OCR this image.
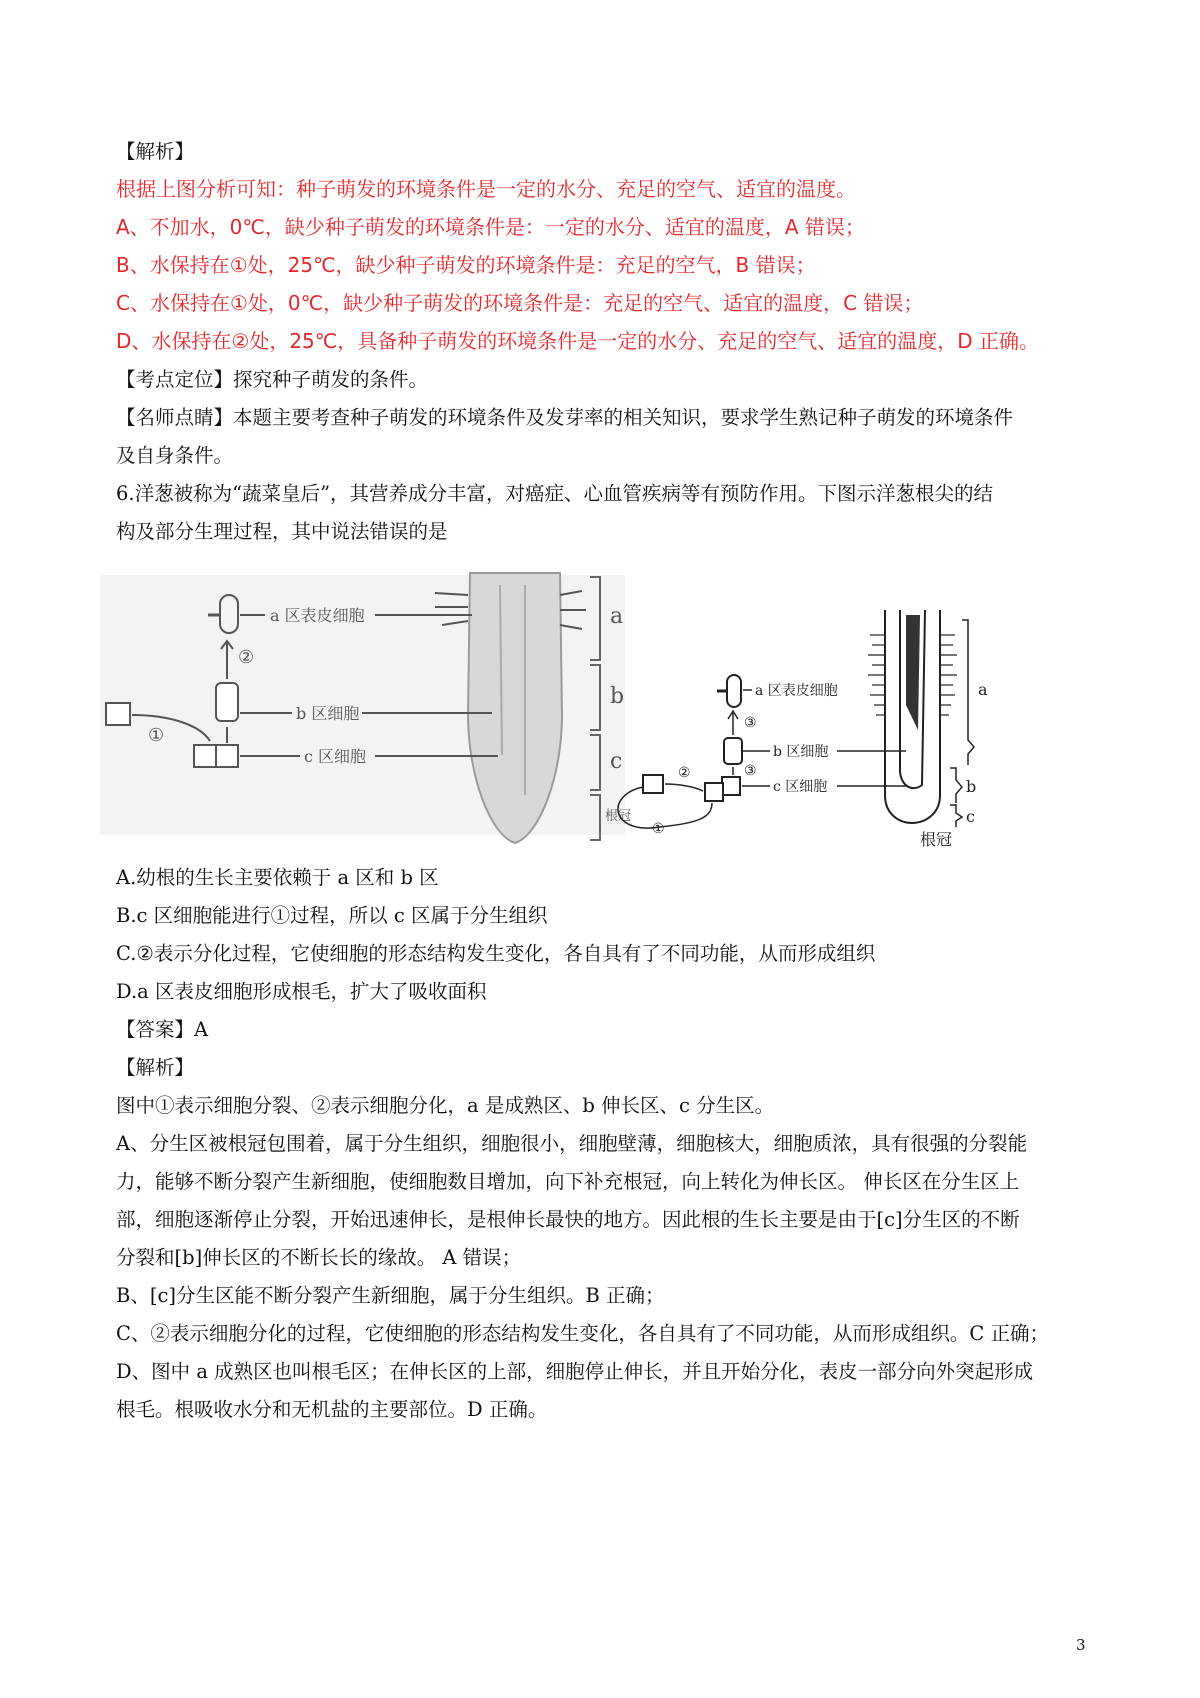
【解析】
根据上图分析可知：种子萌发的环境条件是一定的水分、充足的空气、适宜的温度。
A、不加水，0℃，缺少种子萌发的环境条件是：一定的水分、适宜的温度，A 错误；
B、水保持在①处，25℃，缺少种子萌发的环境条件是：充足的空气，B 错误；
C、水保持在①处，0℃，缺少种子萌发的环境条件是：充足的空气、适宜的温度，C 错误；
D、水保持在②处，25℃，具备种子萌发的环境条件是一定的水分、充足的空气、适宜的温度，D 正确。
【考点定位】探究种子萌发的条件。
【名师点睛】本题主要考查种子萌发的环境条件及发芽率的相关知识，要求学生熟记种子萌发的环境条件
及自身条件。
6.洋葱被称为“蔬菜皇后”，其营养成分丰富，对癌症、心血管疾病等有预防作用。下图示洋葱根尖的结
构及部分生理过程，其中说法错误的是
a
b
c
根冠
②
①
a 区表皮细胞
b 区细胞
c 区细胞
a
b
c
根冠
③
③
②
①
a 区表皮细胞
b 区细胞
c 区细胞
A.幼根的生长主要依赖于 a 区和 b 区
B.c 区细胞能进行①过程，所以 c 区属于分生组织
C.②表示分化过程，它使细胞的形态结构发生变化，各自具有了不同功能，从而形成组织
D.a 区表皮细胞形成根毛，扩大了吸收面积
【答案】A
【解析】
图中①表示细胞分裂、②表示细胞分化，a 是成熟区、b 伸长区、c 分生区。
A、分生区被根冠包围着，属于分生组织，细胞很小，细胞壁薄，细胞核大，细胞质浓，具有很强的分裂能
力，能够不断分裂产生新细胞，使细胞数目增加，向下补充根冠，向上转化为伸长区。 伸长区在分生区上
部，细胞逐渐停止分裂，开始迅速伸长，是根伸长最快的地方。因此根的生长主要是由于[c]分生区的不断
分裂和[b]伸长区的不断长长的缘故。 A 错误；
B、[c]分生区能不断分裂产生新细胞，属于分生组织。B 正确；
C、②表示细胞分化的过程，它使细胞的形态结构发生变化，各自具有了不同功能，从而形成组织。C 正确；
D、图中 a 成熟区也叫根毛区；在伸长区的上部，细胞停止伸长，并且开始分化，表皮一部分向外突起形成
根毛。根吸收水分和无机盐的主要部位。D 正确。
3
